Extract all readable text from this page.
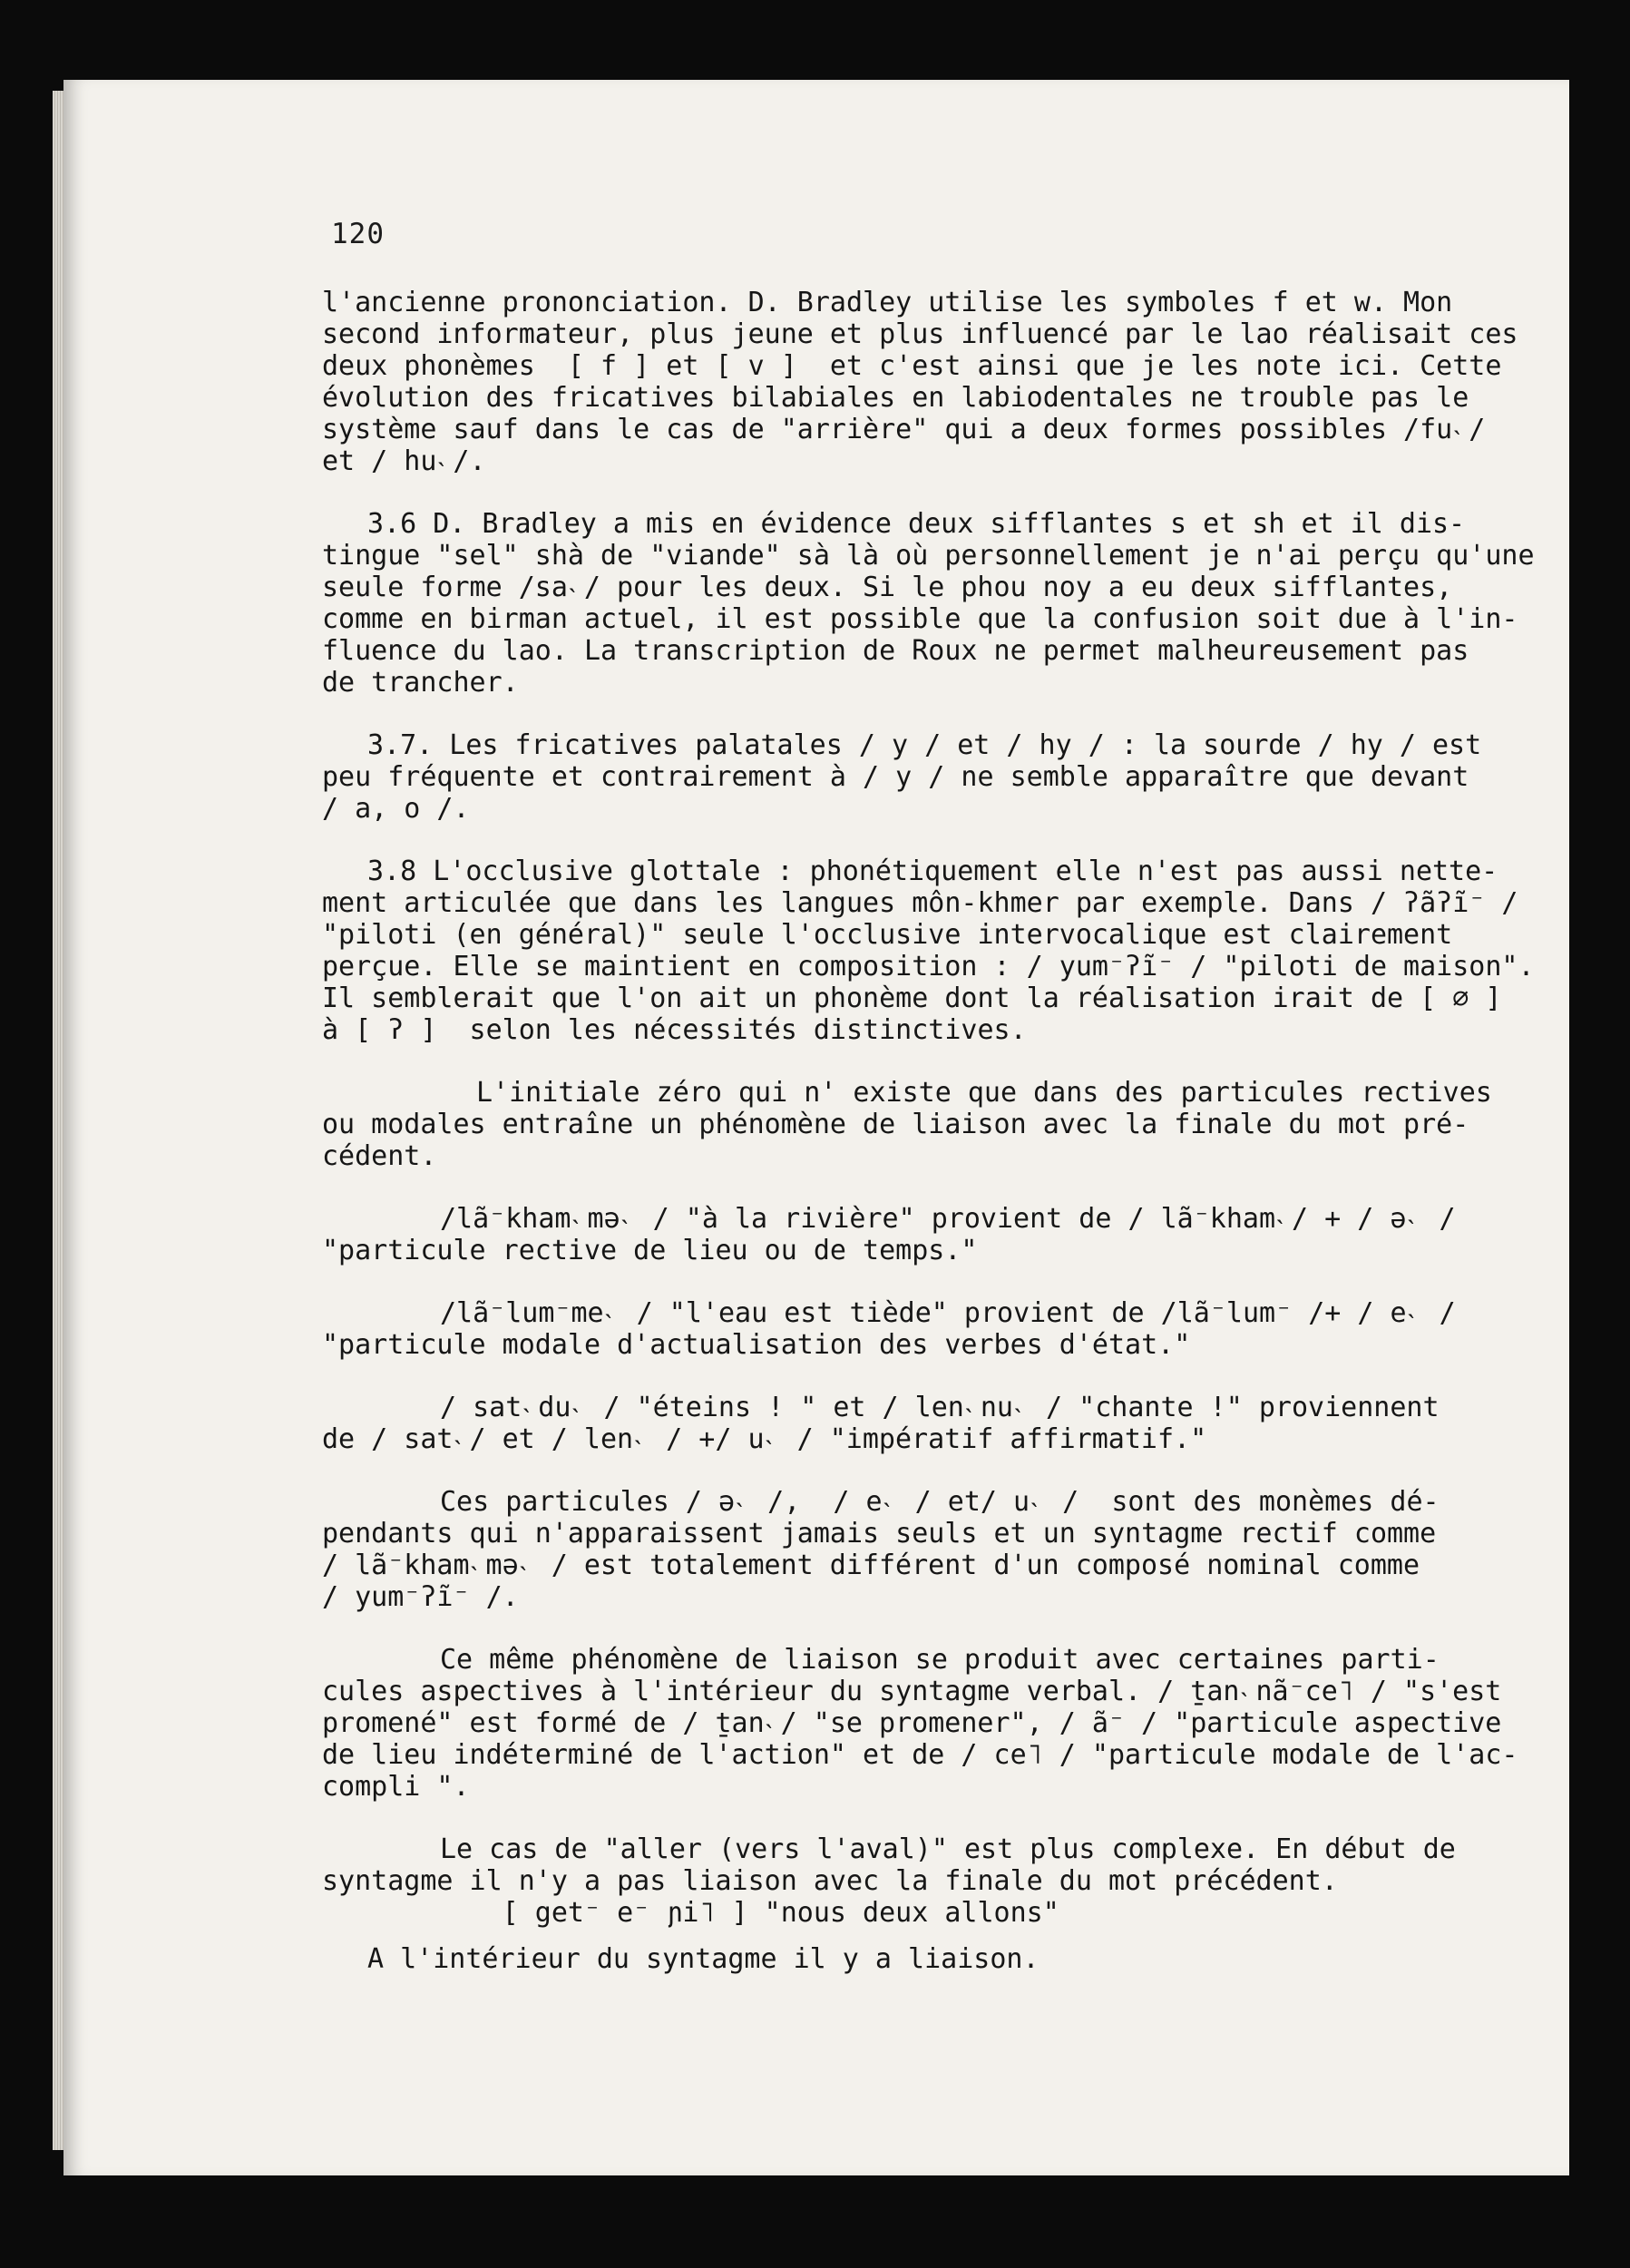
120
l'ancienne prononciation. D. Bradley utilise les symboles f et w. Mon
second informateur, plus jeune et plus influencé par le lao réalisait ces
deux phonèmes  [ f ] et [ v ]  et c'est ainsi que je les note ici. Cette
évolution des fricatives bilabiales en labiodentales ne trouble pas le
système sauf dans le cas de "arrière" qui a deux formes possibles /fu˴/
et / hu˴/.
3.6 D. Bradley a mis en évidence deux sifflantes s et sh et il dis-
tingue "sel" shà de "viande" sà là où personnellement je n'ai perçu qu'une
seule forme /sa˴/ pour les deux. Si le phou noy a eu deux sifflantes,
comme en birman actuel, il est possible que la confusion soit due à l'in-
fluence du lao. La transcription de Roux ne permet malheureusement pas
de trancher.
3.7. Les fricatives palatales / y / et / hy / : la sourde / hy / est
peu fréquente et contrairement à / y / ne semble apparaître que devant
/ a, o /.
3.8 L'occlusive glottale : phonétiquement elle n'est pas aussi nette-
ment articulée que dans les langues môn-khmer par exemple. Dans / ʔãʔĩ⁻ /
"piloti (en général)" seule l'occlusive intervocalique est clairement
perçue. Elle se maintient en composition : / yum⁻ʔĩ⁻ / "piloti de maison".
Il semblerait que l'on ait un phonème dont la réalisation irait de [ ∅ ]
à [ ʔ ]  selon les nécessités distinctives.
L'initiale zéro qui n' existe que dans des particules rectives
ou modales entraîne un phénomène de liaison avec la finale du mot pré-
cédent.
/lã⁻kham˴mə˴ / "à la rivière" provient de / lã⁻kham˴/ + / ə˴ /
"particule rective de lieu ou de temps."
/lã⁻lum⁻me˴ / "l'eau est tiède" provient de /lã⁻lum⁻ /+ / e˴ /
"particule modale d'actualisation des verbes d'état."
/ sat˴du˴ / "éteins ! " et / len˴nu˴ / "chante !" proviennent
de / sat˴/ et / len˴ / +/ u˴ / "impératif affirmatif."
Ces particules / ə˴ /,  / e˴ / et/ u˴ /  sont des monèmes dé-
pendants qui n'apparaissent jamais seuls et un syntagme rectif comme
/ lã⁻kham˴mə˴ / est totalement différent d'un composé nominal comme
/ yum⁻ʔĩ⁻ /.
Ce même phénomène de liaison se produit avec certaines parti-
cules aspectives à l'intérieur du syntagme verbal. / ṯan˴nã⁻ce˥ / "s'est
promené" est formé de / ṯan˴/ "se promener", / ã⁻ / "particule aspective
de lieu indéterminé de l'action" et de / ce˥ / "particule modale de l'ac-
compli ".
Le cas de "aller (vers l'aval)" est plus complexe. En début de
syntagme il n'y a pas liaison avec la finale du mot précédent.
[ get⁻ e⁻ ɲi˥ ] "nous deux allons"
A l'intérieur du syntagme il y a liaison.
